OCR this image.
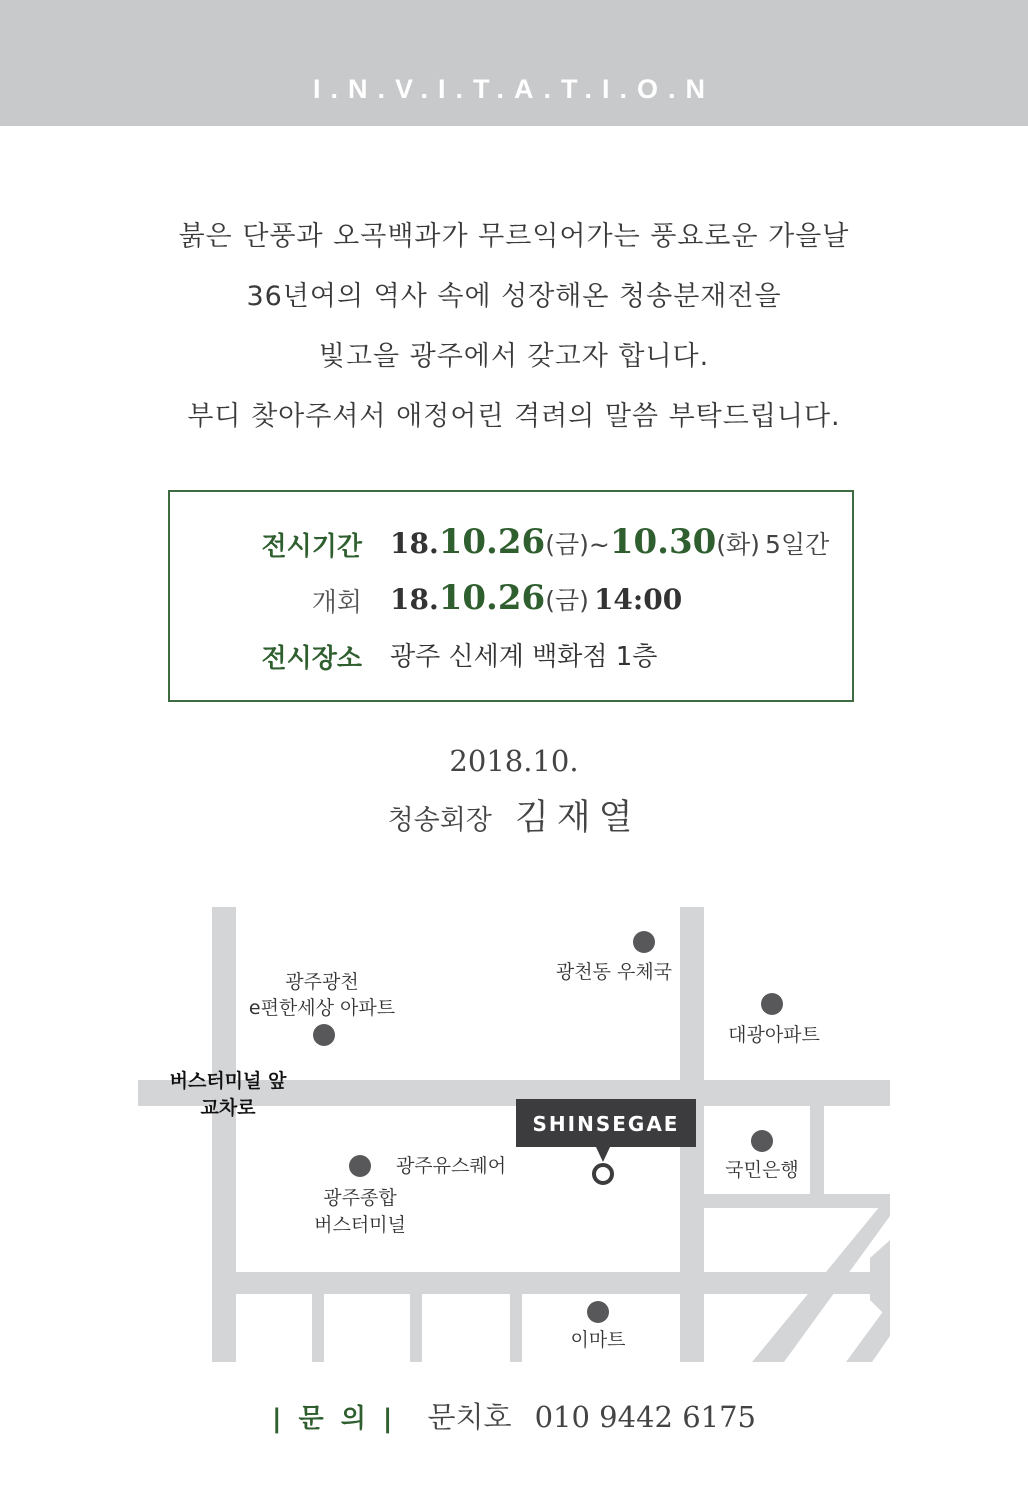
I.N.V.I.T.A.T.I.O.N
붉은 단풍과 오곡백과가 무르익어가는 풍요로운 가을날
36년여의 역사 속에 성장해온 청송분재전을
빛고을 광주에서 갖고자 합니다.
부디 찾아주셔서 애정어린 격려의 말씀 부탁드립니다.
전시기간 18.10.26(금)~10.30(화) 5일간
개회 18.10.26(금) 14:00
전시장소 광주 신세계 백화점 1층
2018.10.
청송회장 김재열
SHINSEGAE
광주광천
e편한세상 아파트
광천동 우체국
대광아파트
버스터미널 앞
교차로
광주유스퀘어
광주종합
버스터미널
국민은행
이마트
| 문 의 | 문치호 010 9442 6175
